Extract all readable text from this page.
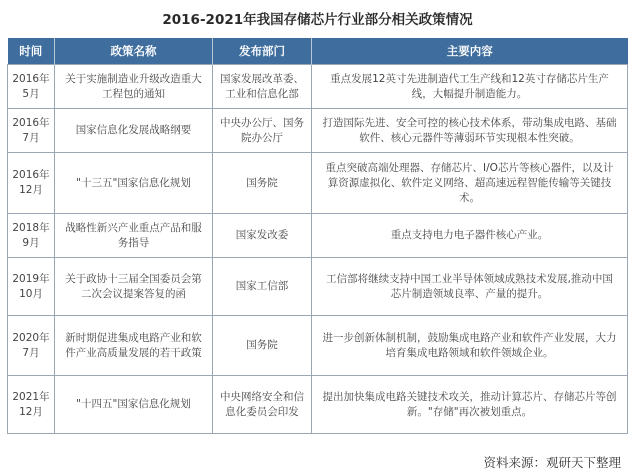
2016-2021年我国存储芯片行业部分相关政策情况
时间	政策名称	发布部门	主要内容
2016年5月	关于实施制造业升级改造重大工程包的通知	国家发展改革委、工业和信息化部	重点发展12英寸先进制造代工生产线和12英寸存储芯片生产线，大幅提升制造能力。
2016年7月	国家信息化发展战略纲要	中央办公厅、国务院办公厅	打造国际先进、安全可控的核心技术体系，带动集成电路、基础软件、核心元器件等薄弱环节实现根本性突破。
2016年12月	"十三五"国家信息化规划	国务院	重点突破高端处理器、存储芯片、I/O芯片等核心器件，以及计算资源虚拟化、软件定义网络、超高速远程智能传输等关键技术。
2018年9月	战略性新兴产业重点产品和服务指导	国家发改委	重点支持电力电子器件核心产业。
2019年10月	关于政协十三届全国委员会第二次会议提案答复的函	国家工信部	工信部将继续支持中国工业半导体领域成熟技术发展,推动中国芯片制造领域良率、产量的提升。
2020年7月	新时期促进集成电路产业和软件产业高质量发展的若干政策	国务院	进一步创新体制机制，鼓励集成电路产业和软件产业发展，大力培育集成电路领域和软件领域企业。
2021年12月	"十四五"国家信息化规划	中央网络安全和信息化委员会印发	提出加快集成电路关键技术攻关，推动计算芯片、存储芯片等创新。"存储"再次被划重点。
资料来源：观研天下整理
